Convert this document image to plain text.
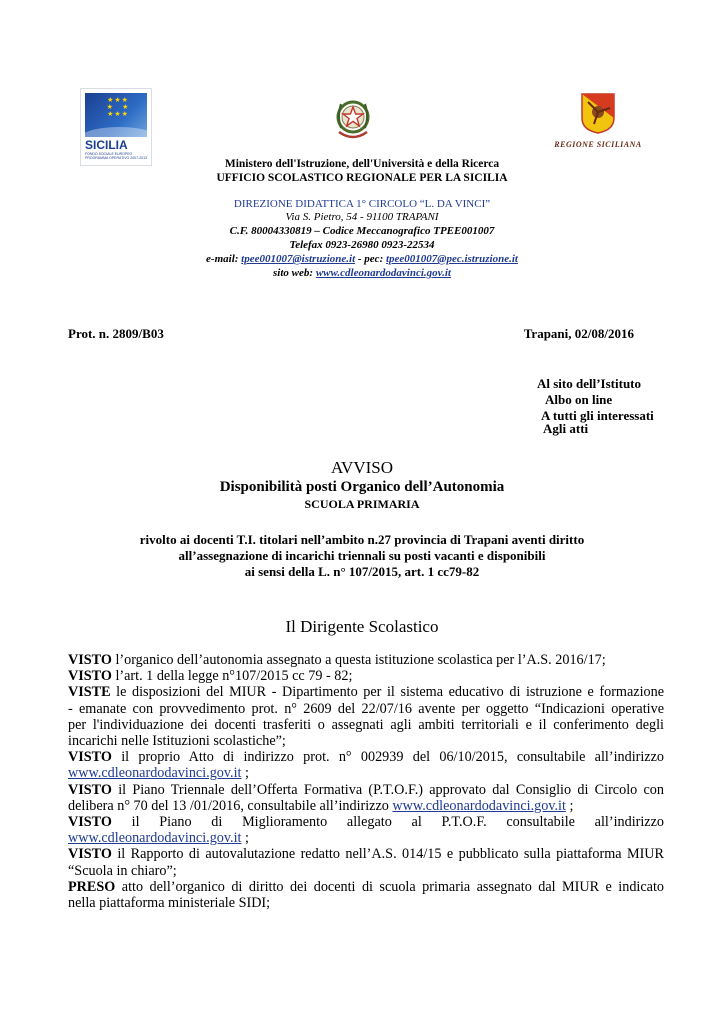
★★★
★   ★
★★★
SICILIA
FONDO SOCIALE EUROPEO PROGRAMMA OPERATIVO 2007-2013
REGIONE SICILIANA
Ministero dell'Istruzione, dell'Università e della Ricerca
UFFICIO SCOLASTICO REGIONALE PER LA SICILIA
DIREZIONE DIDATTICA 1° CIRCOLO “L. DA VINCI”
Via S. Pietro, 54 - 91100 TRAPANI
C.F. 80004330819 – Codice Meccanografico TPEE001007
Telefax 0923-26980 0923-22534
e-mail: tpee001007@istruzione.it - pec: tpee001007@pec.istruzione.it
sito web: www.cdleonardodavinci.gov.it
Prot. n. 2809/B03	Trapani, 02/08/2016
Al sito dell’Istituto
Albo on line
A tutti gli interessati
Agli atti
AVVISO
Disponibilità posti Organico dell’Autonomia
SCUOLA PRIMARIA
rivolto ai docenti T.I. titolari nell’ambito n.27 provincia di Trapani aventi diritto
all’assegnazione di incarichi triennali su posti vacanti e disponibili
ai sensi della L. n° 107/2015, art. 1 cc79-82
Il Dirigente Scolastico
VISTO l’organico dell’autonomia assegnato a questa istituzione scolastica per l’A.S. 2016/17;
VISTO l’art. 1 della legge n°107/2015 cc 79 - 82;
VISTE le disposizioni del MIUR - Dipartimento per il sistema educativo di istruzione e formazione
- emanate con provvedimento prot. n° 2609 del 22/07/16 avente per oggetto “Indicazioni operative
per l'individuazione dei docenti trasferiti o assegnati agli ambiti territoriali e il conferimento degli
incarichi nelle Istituzioni scolastiche”;
VISTO il proprio Atto di indirizzo prot. n° 002939 del 06/10/2015, consultabile all’indirizzo
www.cdleonardodavinci.gov.it ;
VISTO il Piano Triennale dell’Offerta Formativa (P.T.O.F.) approvato dal Consiglio di Circolo con
delibera n° 70 del 13 /01/2016, consultabile all’indirizzo www.cdleonardodavinci.gov.it ;
VISTO il Piano di Miglioramento allegato al P.T.O.F. consultabile all’indirizzo
www.cdleonardodavinci.gov.it ;
VISTO il Rapporto di autovalutazione redatto nell’A.S. 014/15 e pubblicato sulla piattaforma MIUR
“Scuola in chiaro”;
PRESO atto dell’organico di diritto dei docenti di scuola primaria assegnato dal MIUR e indicato
nella piattaforma ministeriale SIDI;
